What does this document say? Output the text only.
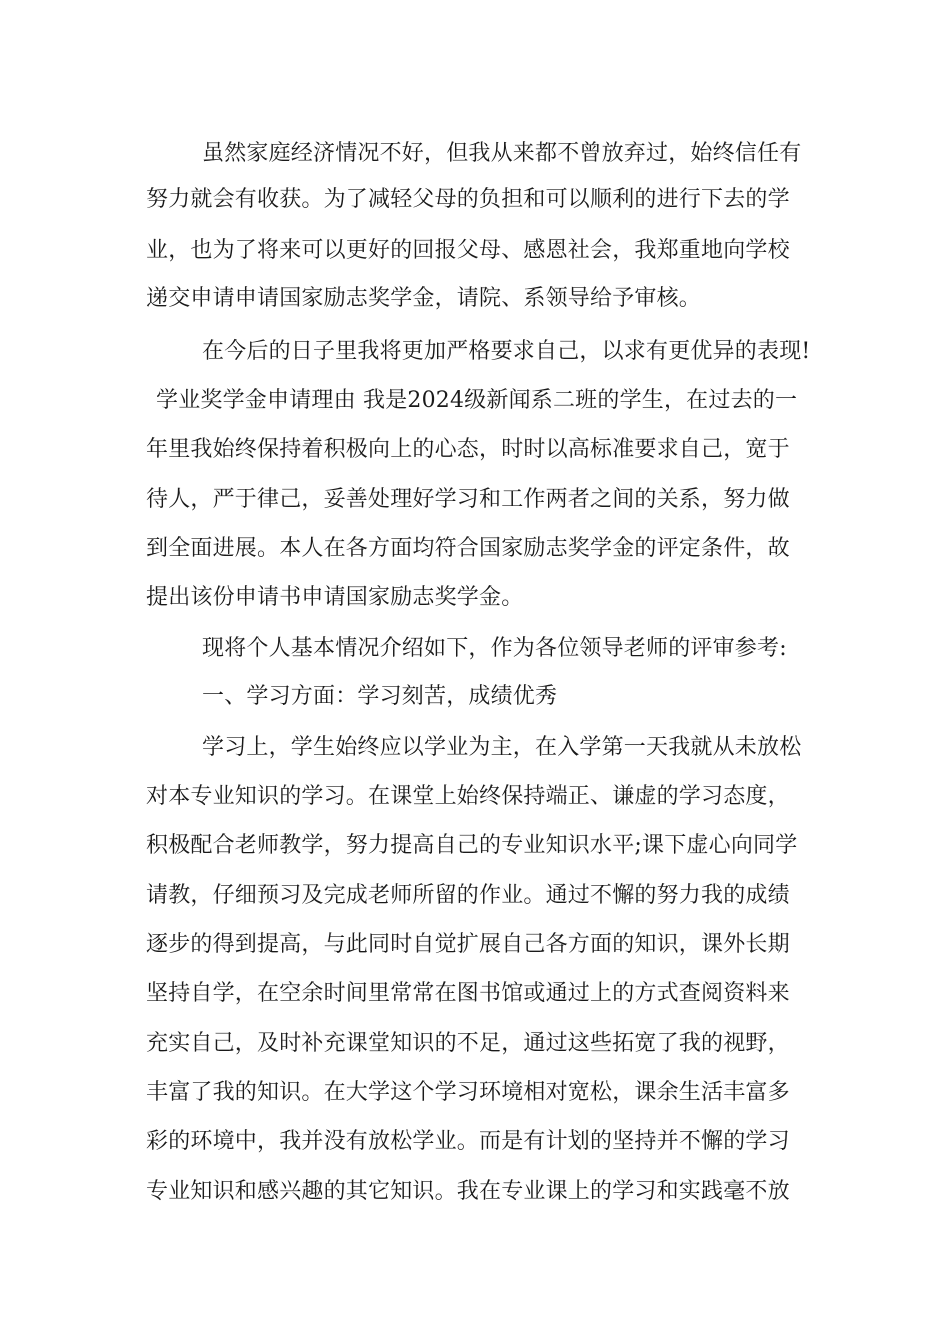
虽然家庭经济情况不好，但我从来都不曾放弃过，始终信任有
努力就会有收获。为了减轻父母的负担和可以顺利的进行下去的学
业，也为了将来可以更好的回报父母、感恩社会，我郑重地向学校
递交申请申请国家励志奖学金，请院、系领导给予审核。
在今后的日子里我将更加严格要求自己，以求有更优异的表现!
学业奖学金申请理由 我是2024级新闻系二班的学生，在过去的一
年里我始终保持着积极向上的心态，时时以高标准要求自己，宽于
待人，严于律己，妥善处理好学习和工作两者之间的关系，努力做
到全面进展。本人在各方面均符合国家励志奖学金的评定条件，故
提出该份申请书申请国家励志奖学金。
现将个人基本情况介绍如下，作为各位领导老师的评审参考:
一、学习方面：学习刻苦，成绩优秀
学习上，学生始终应以学业为主，在入学第一天我就从未放松
对本专业知识的学习。在课堂上始终保持端正、谦虚的学习态度，
积极配合老师教学，努力提高自己的专业知识水平;课下虚心向同学
请教，仔细预习及完成老师所留的作业。通过不懈的努力我的成绩
逐步的得到提高，与此同时自觉扩展自己各方面的知识，课外长期
坚持自学，在空余时间里常常在图书馆或通过上的方式查阅资料来
充实自己，及时补充课堂知识的不足，通过这些拓宽了我的视野，
丰富了我的知识。在大学这个学习环境相对宽松，课余生活丰富多
彩的环境中，我并没有放松学业。而是有计划的坚持并不懈的学习
专业知识和感兴趣的其它知识。我在专业课上的学习和实践毫不放
